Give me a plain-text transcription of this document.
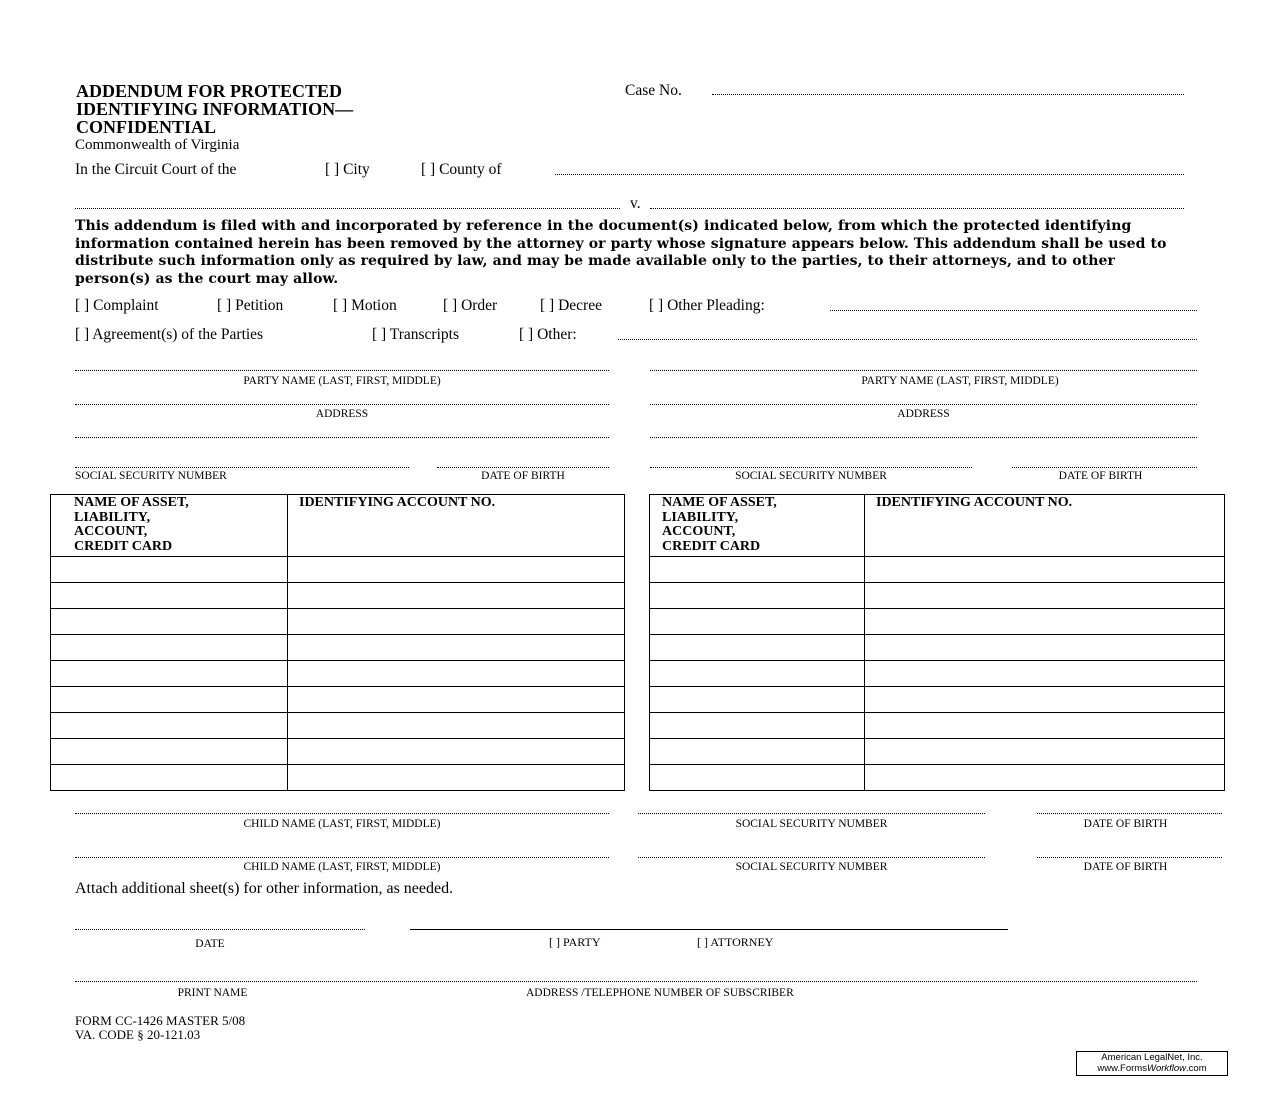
ADDENDUM FOR PROTECTED
IDENTIFYING INFORMATION—
CONFIDENTIAL
Commonwealth of Virginia
Case No.
In the Circuit Court of the	[ ] City	[ ] County of
v.
This addendum is filed with and incorporated by reference in the document(s) indicated below, from which the protected identifying information contained herein has been removed by the attorney or party whose signature appears below. This addendum shall be used to distribute such information only as required by law, and may be made available only to the parties, to their attorneys, and to other person(s) as the court may allow.
[ ] Complaint	[ ] Petition	[ ] Motion	[ ] Order	[ ] Decree	[ ] Other Pleading:
[ ] Agreement(s) of the Parties	[ ] Transcripts	[ ] Other:
PARTY NAME (LAST, FIRST, MIDDLE)
ADDRESS
SOCIAL SECURITY NUMBER	DATE OF BIRTH
PARTY NAME (LAST, FIRST, MIDDLE)
ADDRESS
SOCIAL SECURITY NUMBER	DATE OF BIRTH
NAME OF ASSET,
LIABILITY,
ACCOUNT,
CREDIT CARD	IDENTIFYING ACCOUNT NO.

		NAME OF ASSET,
LIABILITY,
ACCOUNT,
CREDIT CARD	IDENTIFYING ACCOUNT NO.

CHILD NAME (LAST, FIRST, MIDDLE)	SOCIAL SECURITY NUMBER	DATE OF BIRTH
CHILD NAME (LAST, FIRST, MIDDLE)	SOCIAL SECURITY NUMBER	DATE OF BIRTH
Attach additional sheet(s) for other information, as needed.
DATE	[ ] PARTY	[ ] ATTORNEY
PRINT NAME	ADDRESS /TELEPHONE NUMBER OF SUBSCRIBER
FORM CC-1426 MASTER 5/08
VA. CODE § 20-121.03
American LegalNet, Inc.
www.FormsWorkflow.com
